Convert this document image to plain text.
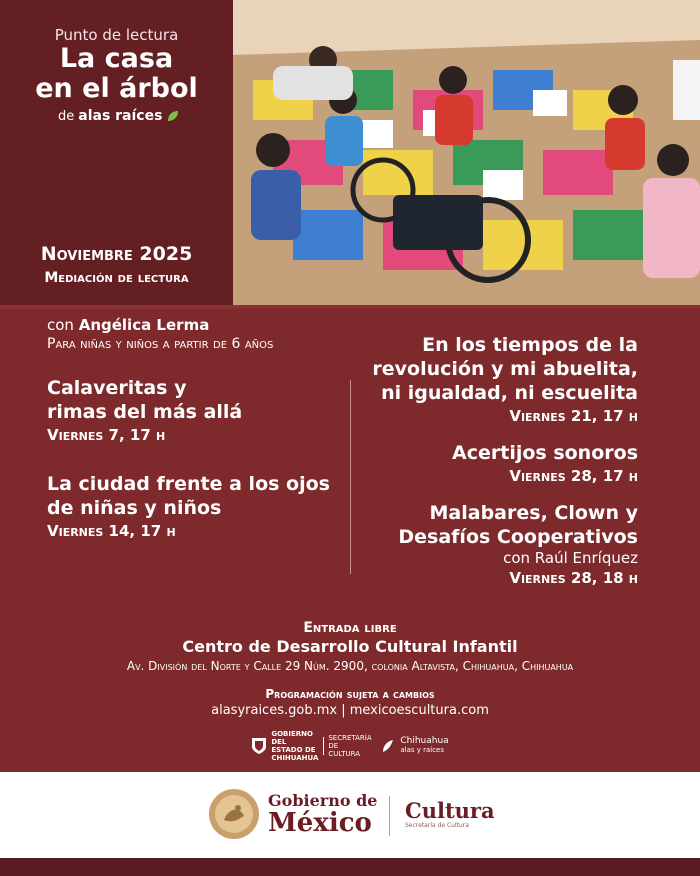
Punto de lectura
La casa
en el árbol
de alas raíces
Noviembre 2025
Mediación de lectura

con Angélica Lerma

Para niñas y niños a partir de 6 años

Calaveritas y

rimas del más allá

Viernes 7, 17 h

La ciudad frente a los ojos

de niñas y niños

Viernes 14, 17 h

En los tiempos de la

revolución y mi abuelita,

ni igualdad, ni escuelita

Viernes 21, 17 h

Acertijos sonoros

Viernes 28, 17 h

Malabares, Clown y

Desafíos Cooperativos

con Raúl Enríquez

Viernes 28, 18 h

Entrada libre

Centro de Desarrollo Cultural Infantil

Av. División del Norte y Calle 29 Núm. 2900, colonia Altavista, Chihuahua, Chihuahua

Programación sujeta a cambios

alasyraices.gob.mx | mexicoescultura.com

GOBIERNO DEL ESTADO DE CHIHUAHUA
SECRETARÍA DE CULTURA
Chihuahua
alas y raíces
Gobierno de
México Cultura
Secretaría de Cultura
